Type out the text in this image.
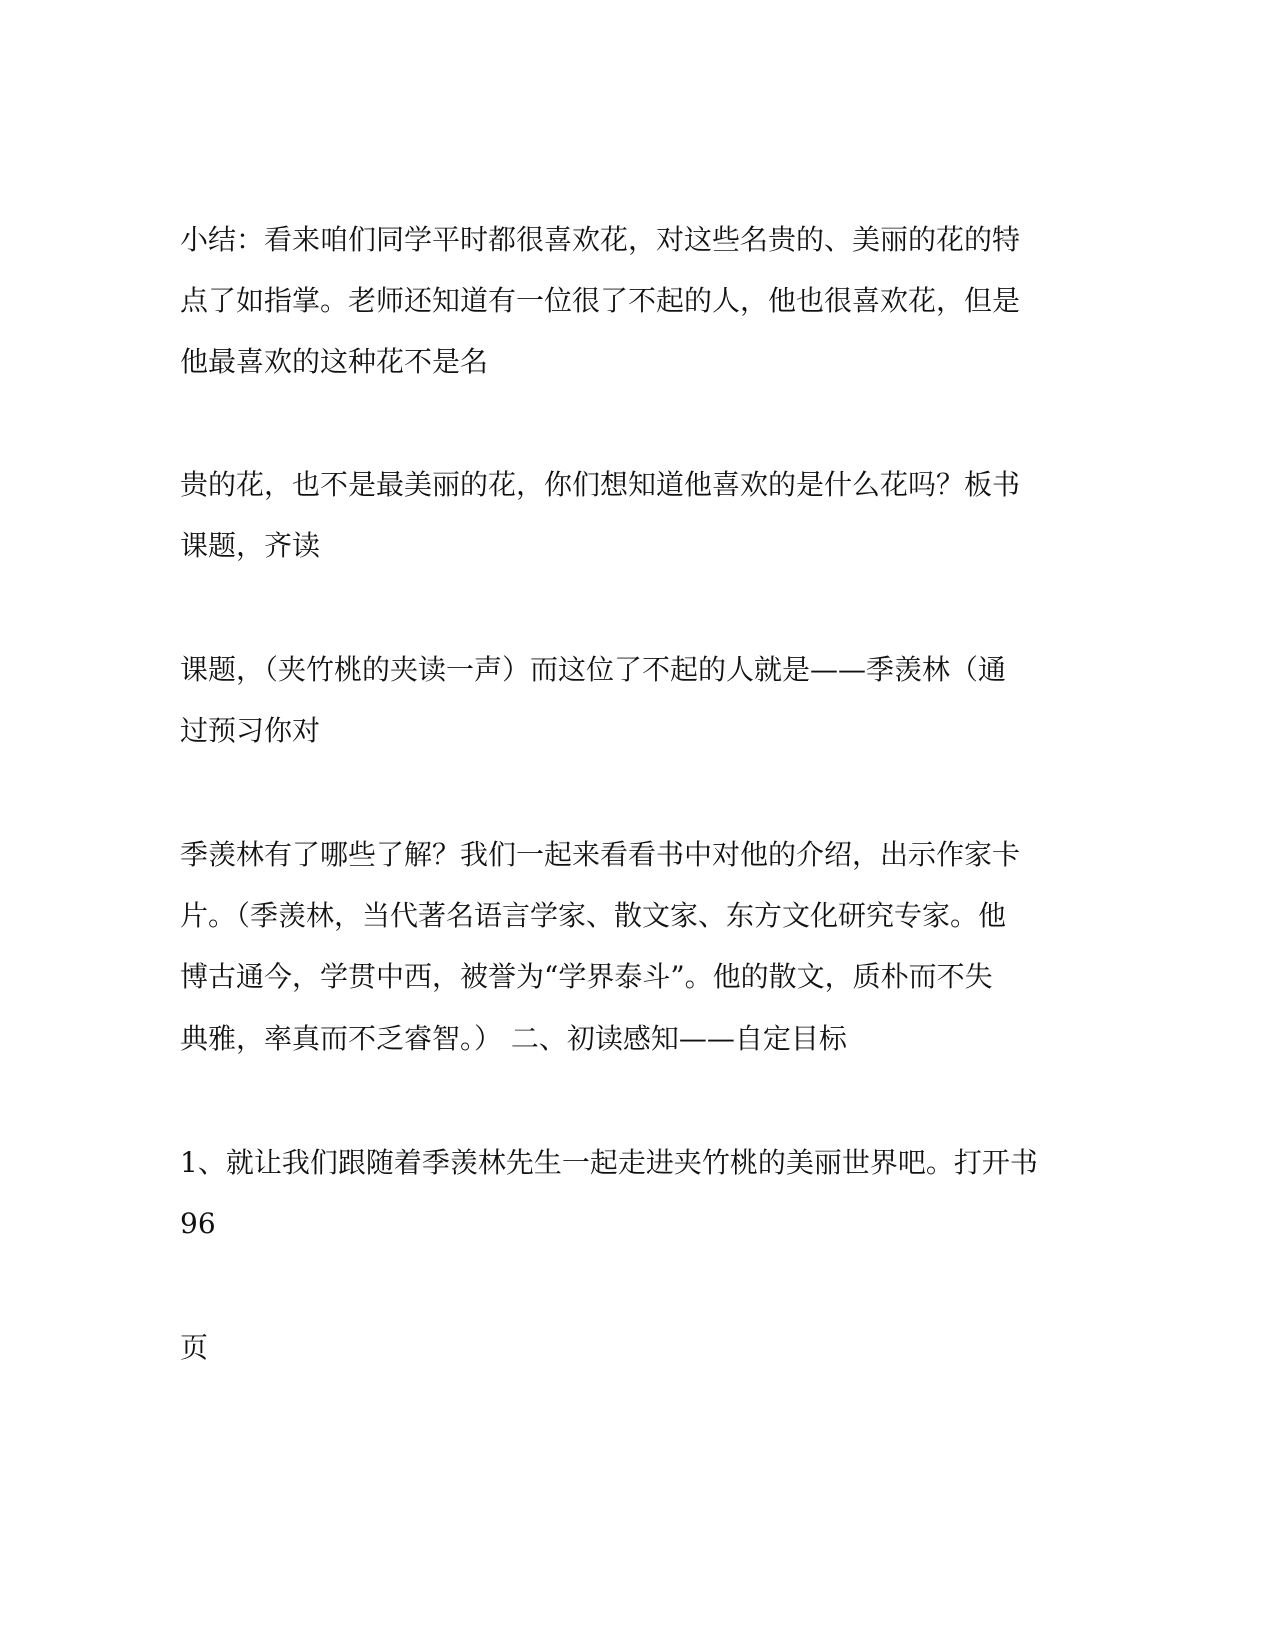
小结：看来咱们同学平时都很喜欢花，对这些名贵的、美丽的花的特
点了如指掌。老师还知道有一位很了不起的人，他也很喜欢花，但是
他最喜欢的这种花不是名
贵的花，也不是最美丽的花，你们想知道他喜欢的是什么花吗？板书
课题，齐读
课题，（夹竹桃的夹读一声）而这位了不起的人就是——季羡林（通
过预习你对
季羡林有了哪些了解？我们一起来看看书中对他的介绍，出示作家卡
片。（季羡林，当代著名语言学家、散文家、东方文化研究专家。他
博古通今，学贯中西，被誉为“学界泰斗”。他的散文，质朴而不失
典雅，率真而不乏睿智。） 二、初读感知——自定目标
1、就让我们跟随着季羡林先生一起走进夹竹桃的美丽世界吧。打开书
96
页
